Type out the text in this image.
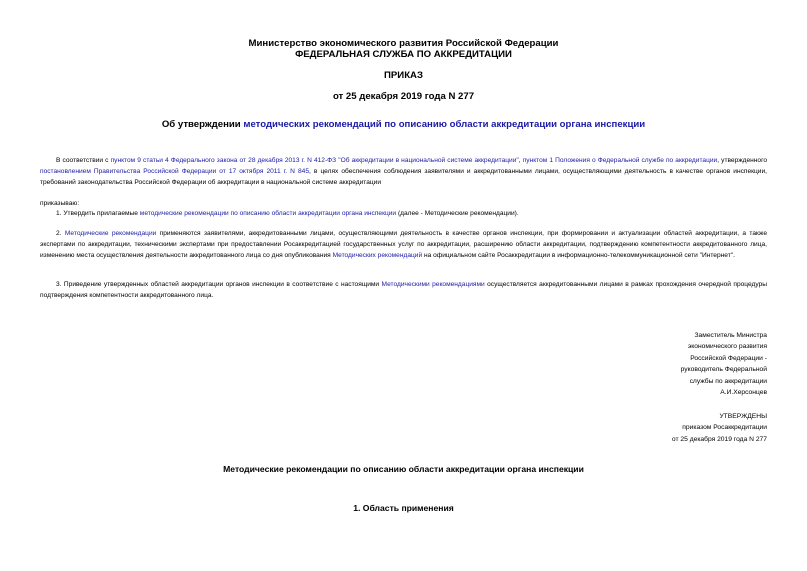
Министерство экономического развития Российской Федерации
ФЕДЕРАЛЬНАЯ СЛУЖБА ПО АККРЕДИТАЦИИ
ПРИКАЗ
от 25 декабря 2019 года N 277
Об утверждении методических рекомендаций по описанию области аккредитации органа инспекции
В соответствии с пунктом 9 статьи 4 Федерального закона от 28 декабря 2013 г. N 412-ФЗ "Об аккредитации в национальной системе аккредитации", пунктом 1 Положения о Федеральной службе по аккредитации, утвержденного постановлением Правительства Российской Федерации от 17 октября 2011 г. N 845, в целях обеспечения соблюдения заявителями и аккредитованными лицами, осуществляющими деятельность в качестве органов инспекции, требований законодательства Российской Федерации об аккредитации в национальной системе аккредитации
приказываю:
1. Утвердить прилагаемые методические рекомендации по описанию области аккредитации органа инспекции (далее - Методические рекомендации).
2. Методические рекомендации применяются заявителями, аккредитованными лицами, осуществляющими деятельность в качестве органов инспекции, при формировании и актуализации областей аккредитации, а также экспертами по аккредитации, техническими экспертами при предоставлении Росаккредитацией государственных услуг по аккредитации, расширению области аккредитации, подтверждению компетентности аккредитованного лица, изменению места осуществления деятельности аккредитованного лица со дня опубликования Методических рекомендаций на официальном сайте Росаккредитации в информационно-телекоммуникационной сети "Интернет".
3. Приведение утвержденных областей аккредитации органов инспекции в соответствие с настоящими Методическими рекомендациями осуществляется аккредитованными лицами в рамках прохождения очередной процедуры подтверждения компетентности аккредитованного лица.
Заместитель Министра
экономического развития
Российской Федерации -
руководитель Федеральной
службы по аккредитации
А.И.Херсонцев
УТВЕРЖДЕНЫ
приказом Росаккредитации
от 25 декабря 2019 года N 277
Методические рекомендации по описанию области аккредитации органа инспекции
1. Область применения
